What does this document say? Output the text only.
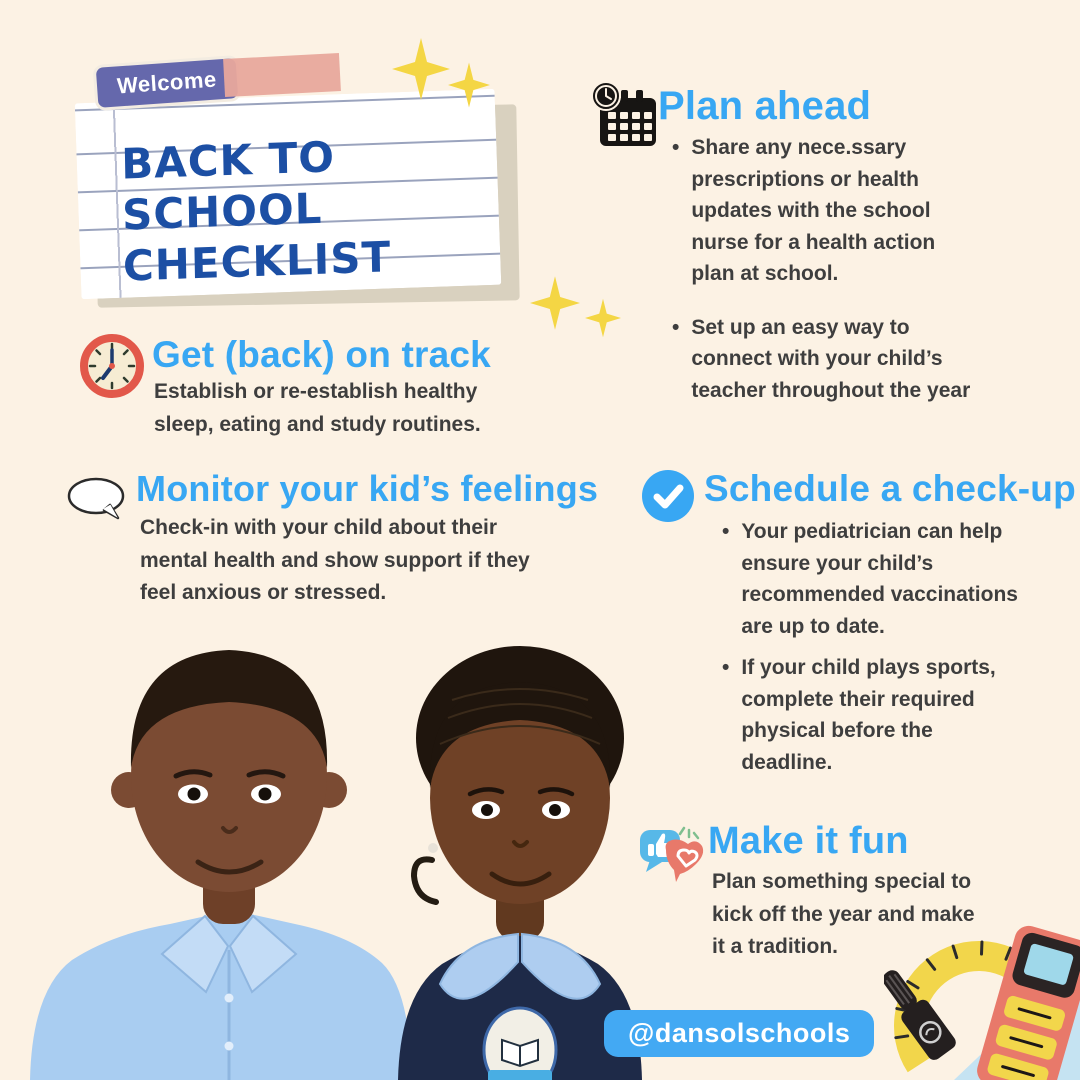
BACK TO SCHOOL
CHECKLIST
Welcome
Plan ahead
• Share any nece.ssary prescriptions or health updates with the school nurse for a health action plan at school.
• Set up an easy way to connect with your child’s teacher throughout the year
Get (back) on track
Establish or re-establish healthy sleep, eating and study routines.
Monitor your kid’s feelings
Check-in with your child about their mental health and show support if they feel anxious or stressed.
Schedule a check-up
• Your pediatrician can help ensure your child’s recommended vaccinations are up to date.
• If your child plays sports, complete their required physical before the deadline.
Make it fun
Plan something special to kick off the year and make it a tradition.
@dansolschools
